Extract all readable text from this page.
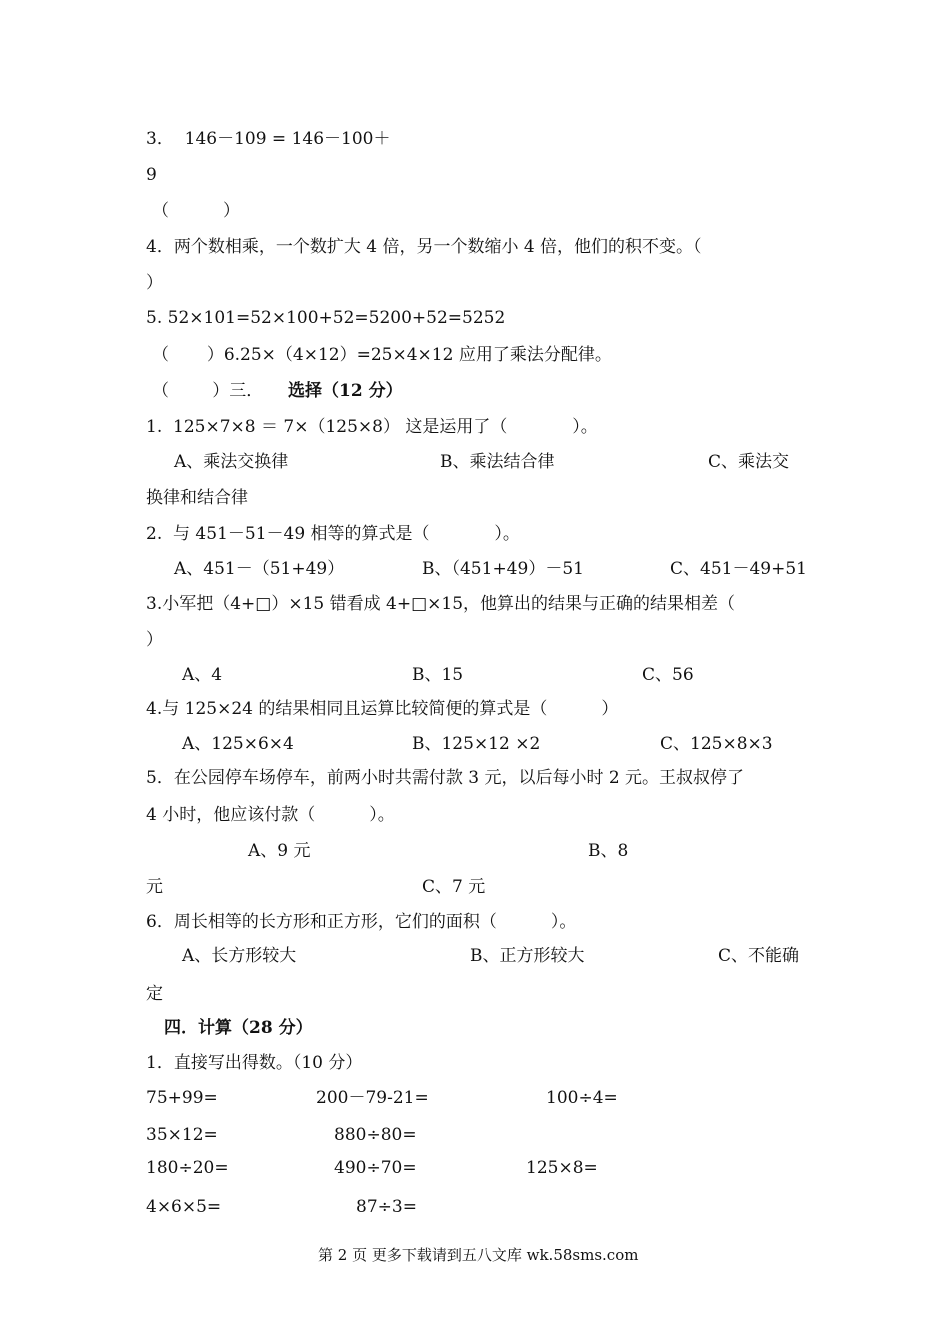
3．  146－109 = 146－100＋
9
（          ）
4．两个数相乘，一个数扩大 4 倍，另一个数缩小 4 倍，他们的积不变。（
）
5. 52×101=52×100+52=5200+52=5252
（       ）6.25×（4×12）=25×4×12 应用了乘法分配律。
（        ）三． 选择（12 分）
1.  125×7×8 ＝ 7×（125×8） 这是运用了（            ）。
A、乘法交换律	B、乘法结合律	C、乘法交
换律和结合律
2.  与 451－51－49 相等的算式是（            ）。
A、451－（51+49）	B、（451+49）－51	C、451－49+51
3.小军把（4+□）×15 错看成 4+□×15，他算出的结果与正确的结果相差（
）
A、4	B、15	C、56
4.与 125×24 的结果相同且运算比较简便的算式是（          ）
A、125×6×4	B、125×12 ×2	C、125×8×3
5．在公园停车场停车，前两小时共需付款 3 元，以后每小时 2 元。王叔叔停了
4 小时，他应该付款（          ）。
A、9 元	B、8
元	C、7 元
6．周长相等的长方形和正方形，它们的面积（          ）。
A、长方形较大	B、正方形较大	C、不能确
定
四．计算（28 分）
1．直接写出得数。（10 分）
75+99=	200－79-21=	100÷4=
35×12=	880÷80=
180÷20=	490÷70=	125×8=
4×6×5=	87÷3=
第 2 页 更多下载请到五八文库 wk.58sms.com
